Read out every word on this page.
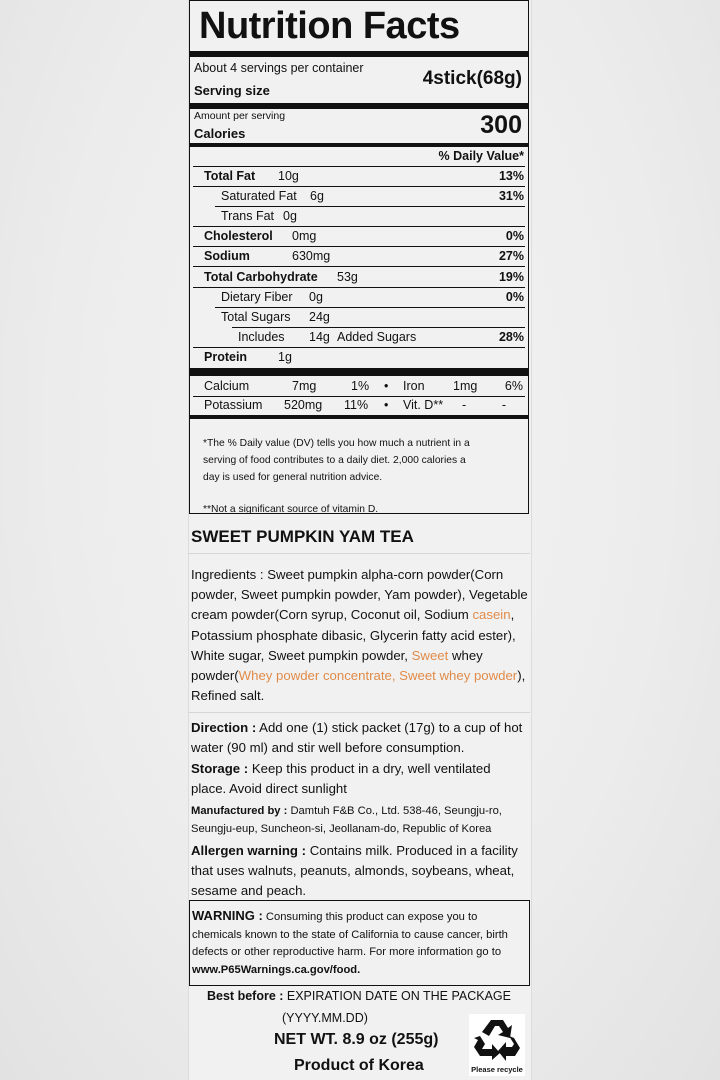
Nutrition Facts
About 4 servings per container
Serving size
4stick(68g)
Amount per serving
Calories	300
% Daily Value*
Total Fat 10g	13%
Saturated Fat 6g	31%
Trans Fat 0g
Cholesterol 0mg	0%
Sodium	630mg	27%
Total Carbohydrate 53g	19%
Dietary Fiber 0g	0%
Total Sugars 24g
Includes 14g Added Sugars	28%
Protein 1g
Calcium	7mg	1% • Iron 1mg 6%
Potassium 520mg 11% • Vit. D** -	-
*The % Daily value (DV) tells you how much a nutrient in a
serving of food contributes to a daily diet. 2,000 calories a
day is used for general nutrition advice.
**Not a significant source of vitamin D.
SWEET PUMPKIN YAM TEA

Ingredients : Sweet pumpkin alpha-corn powder(Corn powder, Sweet pumpkin powder, Yam powder), Vegetable cream powder(Corn syrup, Coconut oil, Sodium casein, Potassium phosphate dibasic, Glycerin fatty acid ester), White sugar, Sweet pumpkin powder, Sweet whey powder(Whey powder concentrate, Sweet whey powder), Refined salt.

Direction : Add one (1) stick packet (17g) to a cup of hot water (90 ml) and stir well before consumption.

Storage : Keep this product in a dry, well ventilated place. Avoid direct sunlight

Manufactured by : Damtuh F&B Co., Ltd. 538-46, Seungju-ro, Seungju-eup, Suncheon-si, Jeollanam-do, Republic of Korea

Allergen warning : Contains milk. Produced in a facility that uses walnuts, peanuts, almonds, soybeans, wheat, sesame and peach.

WARNING : Consuming this product can expose you to chemicals known to the state of California to cause cancer, birth defects or other reproductive harm. For more information go to www.P65Warnings.ca.gov/food.
Best before : EXPIRATION DATE ON THE PACKAGE
(YYYY.MM.DD)
NET WT. 8.9 oz (255g)
Product of Korea	Please recycle
